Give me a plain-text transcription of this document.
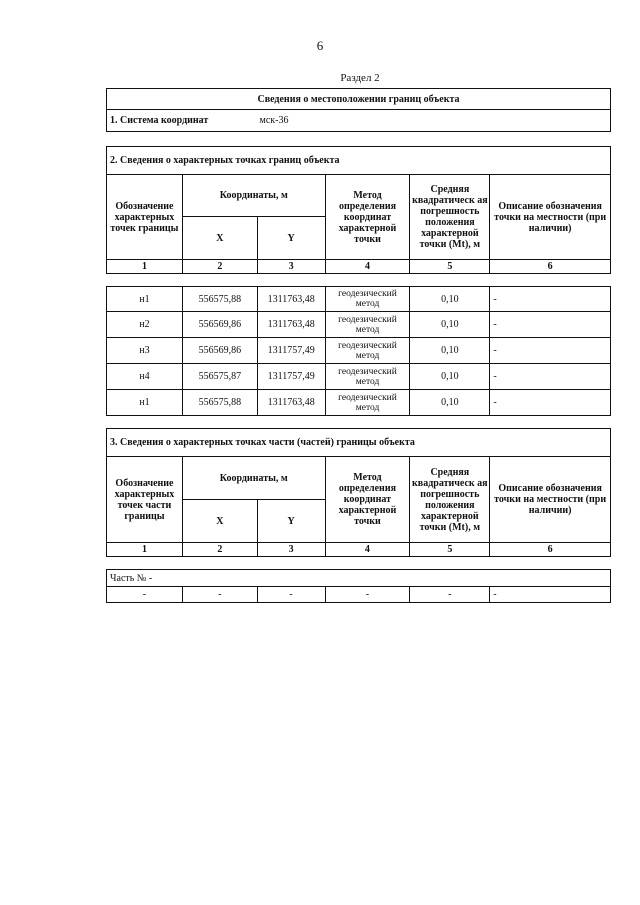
6
Раздел 2
Сведения о местоположении границ объекта
1. Система координат	мск-36
2. Сведения о характерных точках границ объекта					
Обозначение характерных точек границы	Координаты, м		Метод определения координат характерной точки	Средняя квадратическ ая погрешность положения характерной точки (Mt), м	Описание обозначения точки на местности (при наличии)
	X	Y			
1	2	3	4	5	6

н1	556575,88	1311763,48	геодезический метод	0,10	-
н2	556569,86	1311763,48	геодезический метод	0,10	-
н3	556569,86	1311757,49	геодезический метод	0,10	-
н4	556575,87	1311757,49	геодезический метод	0,10	-
н1	556575,88	1311763,48	геодезический метод	0,10	-
3. Сведения о характерных точках части (частей) границы объекта					
Обозначение характерных точек части границы	Координаты, м		Метод определения координат характерной точки	Средняя квадратическ ая погрешность положения характерной точки (Mt), м	Описание обозначения точки на местности (при наличии)
	X	Y			
1	2	3	4	5	6

Часть № -					
-	-	-	-	-	-
